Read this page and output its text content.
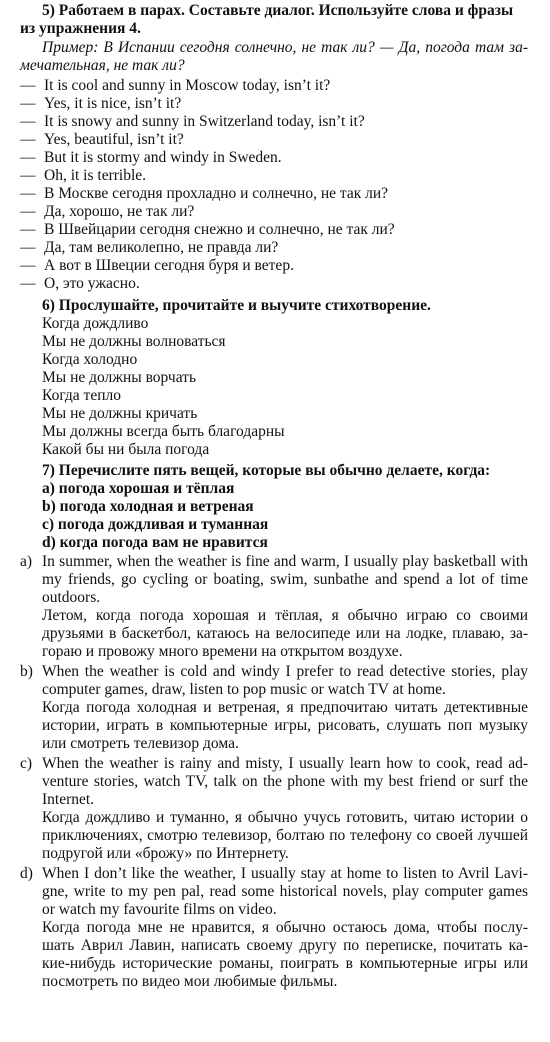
5) Работаем в парах. Составьте диалог. Используйте слова и фразы
из упражнения 4.
Пример: В Испании сегодня солнечно, не так ли? — Да, погода там за-
мечательная, не так ли?
— It is cool and sunny in Moscow today, isn’t it?
— Yes, it is nice, isn’t it?
— It is snowy and sunny in Switzerland today, isn’t it?
— Yes, beautiful, isn’t it?
— But it is stormy and windy in Sweden.
— Oh, it is terrible.
— В Москве сегодня прохладно и солнечно, не так ли?
— Да, хорошо, не так ли?
— В Швейцарии сегодня снежно и солнечно, не так ли?
— Да, там великолепно, не правда ли?
— А вот в Швеции сегодня буря и ветер.
— О, это ужасно.
6) Прослушайте, прочитайте и выучите стихотворение.
Когда дождливо
Мы не должны волноваться
Когда холодно
Мы не должны ворчать
Когда тепло
Мы не должны кричать
Мы должны всегда быть благодарны
Какой бы ни была погода
7) Перечислите пять вещей, которые вы обычно делаете, когда:
a) погода хорошая и тёплая
b) погода холодная и ветреная
c) погода дождливая и туманная
d) когда погода вам не нравится
a) In summer, when the weather is fine and warm, I usually play basketball with
my friends, go cycling or boating, swim, sunbathe and spend a lot of time
outdoors.
Летом, когда погода хорошая и тёплая, я обычно играю со своими
друзьями в баскетбол, катаюсь на велосипеде или на лодке, плаваю, за-
гораю и провожу много времени на открытом воздухе.
b) When the weather is cold and windy I prefer to read detective stories, play
computer games, draw, listen to pop music or watch TV at home.
Когда погода холодная и ветреная, я предпочитаю читать детективные
истории, играть в компьютерные игры, рисовать, слушать поп музыку
или смотреть телевизор дома.
c) When the weather is rainy and misty, I usually learn how to cook, read ad-
venture stories, watch TV, talk on the phone with my best friend or surf the
Internet.
Когда дождливо и туманно, я обычно учусь готовить, читаю истории о
приключениях, смотрю телевизор, болтаю по телефону со своей лучшей
подругой или «брожу» по Интернету.
d) When I don’t like the weather, I usually stay at home to listen to Avril Lavi-
gne, write to my pen pal, read some historical novels, play computer games
or watch my favourite films on video.
Когда погода мне не нравится, я обычно остаюсь дома, чтобы послу-
шать Аврил Лавин, написать своему другу по переписке, почитать ка-
кие-нибудь исторические романы, поиграть в компьютерные игры или
посмотреть по видео мои любимые фильмы.
